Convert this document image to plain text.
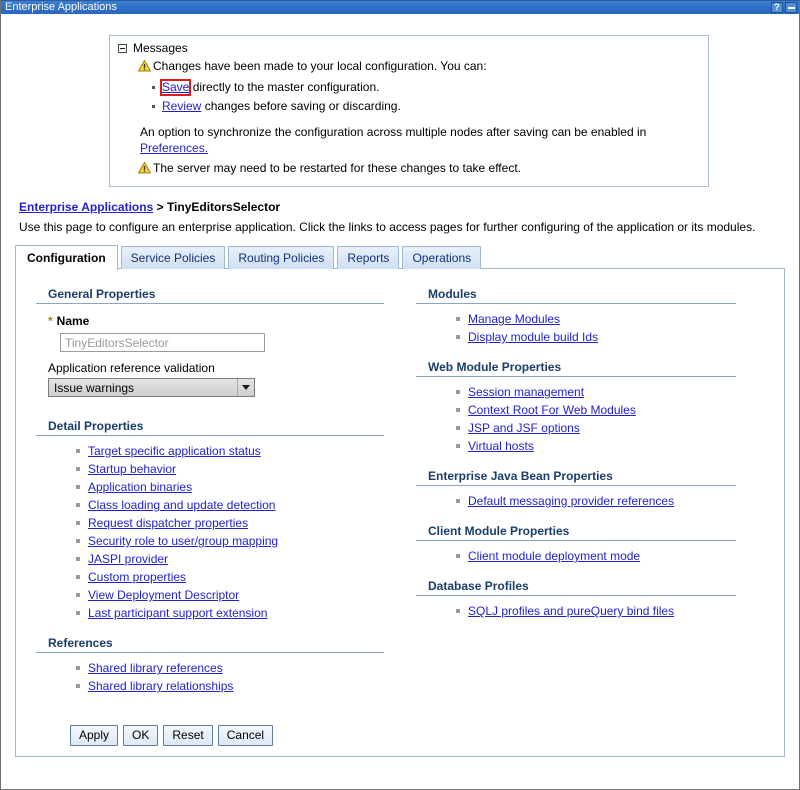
Enterprise Applications	?
Messages
Changes have been made to your local configuration. You can:
Save directly to the master configuration.
Review changes before saving or discarding.
An option to synchronize the configuration across multiple nodes after saving can be enabled in Preferences.
The server may need to be restarted for these changes to take effect.
Enterprise Applications > TinyEditorsSelector
Use this page to configure an enterprise application. Click the links to access pages for further configuring of the application or its modules.
Configuration	Service Policies	Routing Policies	Reports	Operations
General Properties
* Name
TinyEditorsSelector
Application reference validation
Issue warnings
Detail Properties
Target specific application status
Startup behavior
Application binaries
Class loading and update detection
Request dispatcher properties
Security role to user/group mapping
JASPI provider
Custom properties
View Deployment Descriptor
Last participant support extension
References
Shared library references
Shared library relationships
Apply	OK	Reset	Cancel
Modules
Manage Modules
Display module build Ids
Web Module Properties
Session management
Context Root For Web Modules
JSP and JSF options
Virtual hosts
Enterprise Java Bean Properties
Default messaging provider references
Client Module Properties
Client module deployment mode
Database Profiles
SQLJ profiles and pureQuery bind files
